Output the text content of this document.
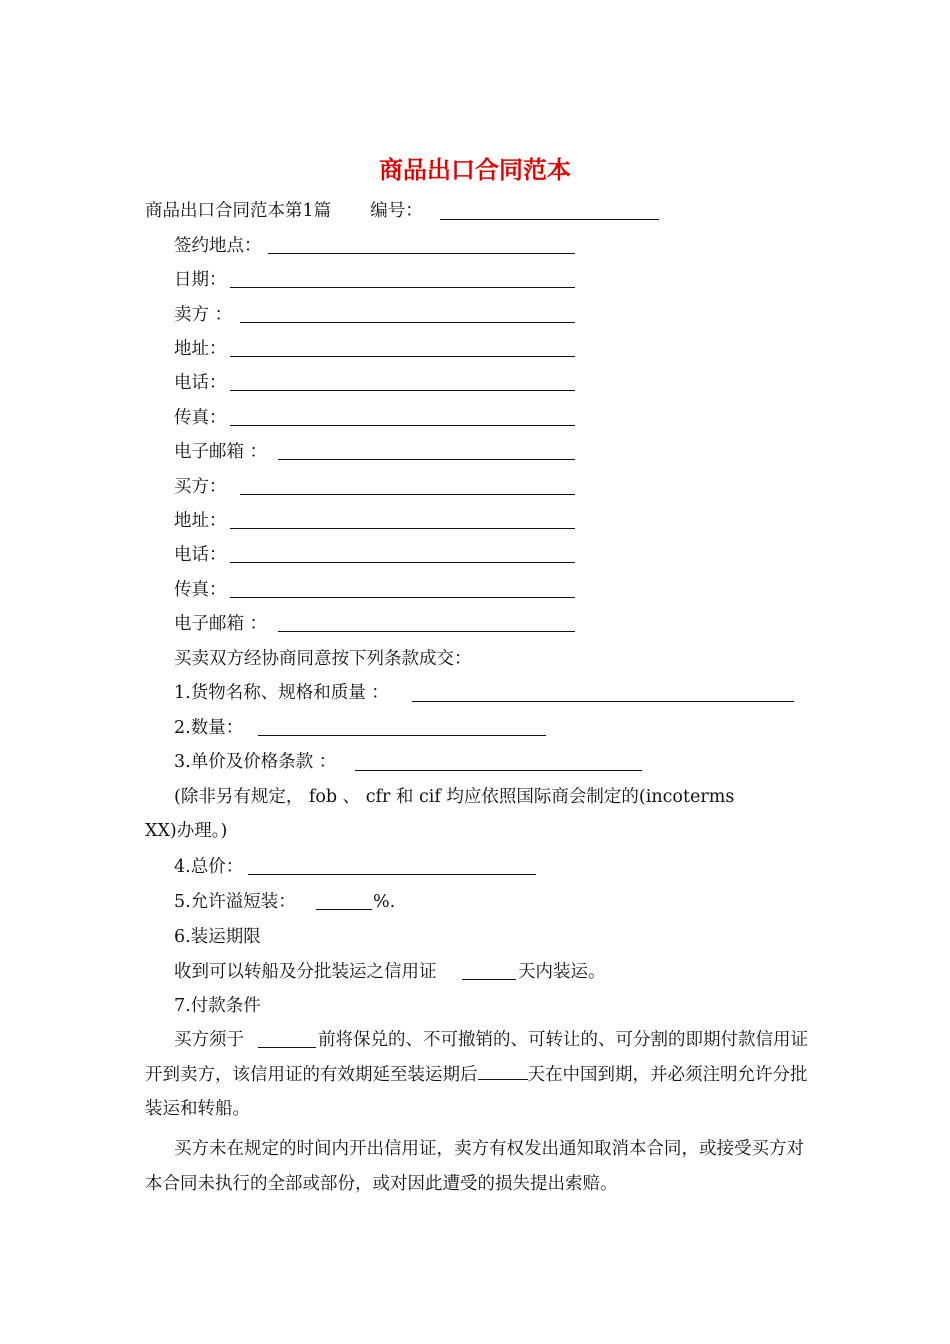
商品出口合同范本
商品出口合同范本第1篇 编号：
签约地点：
日期：
卖方 ：
地址：
电话：
传真：
电子邮箱 ：
买方：
地址：
电话：
传真：
电子邮箱 ：
买卖双方经协商同意按下列条款成交：
1.货物名称、规格和质量 ：
2.数量：
3.单价及价格条款 ：
(除非另有规定， fob 、 cfr 和 cif 均应依照国际商会制定的(incoterms
XX)办理。)
4.总价：
5.允许溢短装：	%.
6.装运期限
收到可以转船及分批装运之信用证	天内装运。
7.付款条件
买方须于	前将保兑的、不可撤销的、可转让的、可分割的即期付款信用证开到卖方，该信用证的有效期延至装运期后	天在中国到期，并必须注明允许分批装运和转船。
买方未在规定的时间内开出信用证，卖方有权发出通知取消本合同，或接受买方对本合同未执行的全部或部份，或对因此遭受的损失提出索赔。
